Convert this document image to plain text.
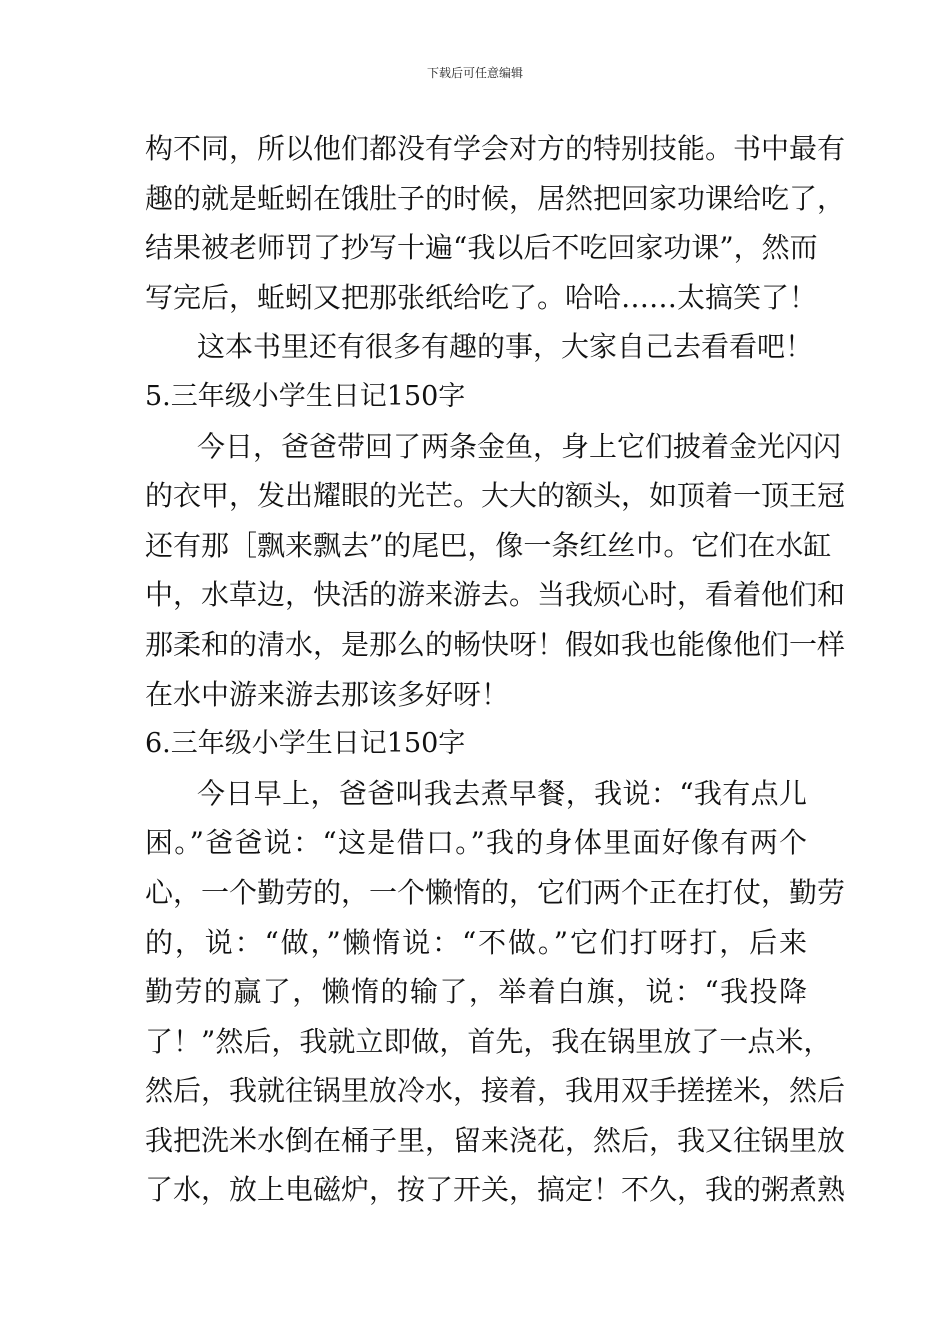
下载后可任意编辑
构不同，所以他们都没有学会对方的特别技能。书中最有
趣的就是蚯蚓在饿肚子的时候，居然把回家功课给吃了，
结果被老师罚了抄写十遍“我以后不吃回家功课”，然而
写完后，蚯蚓又把那张纸给吃了。哈哈……太搞笑了！
这本书里还有很多有趣的事，大家自己去看看吧！
5.三年级小学生日记150字
今日，爸爸带回了两条金鱼，身上它们披着金光闪闪
的衣甲，发出耀眼的光芒。大大的额头，如顶着一顶王冠
还有那［飘来飘去”的尾巴，像一条红丝巾。它们在水缸
中，水草边，快活的游来游去。当我烦心时，看着他们和
那柔和的清水，是那么的畅快呀！假如我也能像他们一样
在水中游来游去那该多好呀！
6.三年级小学生日记150字
今日早上，爸爸叫我去煮早餐，我说：“我有点儿
困。”爸爸说：“这是借口。”我的身体里面好像有两个
心，一个勤劳的，一个懒惰的，它们两个正在打仗，勤劳
的，说：“做，”懒惰说：“不做。”它们打呀打，后来
勤劳的赢了，懒惰的输了，举着白旗，说：“我投降
了！”然后，我就立即做，首先，我在锅里放了一点米，
然后，我就往锅里放冷水，接着，我用双手搓搓米，然后
我把洗米水倒在桶子里，留来浇花，然后，我又往锅里放
了水，放上电磁炉，按了开关，搞定！不久，我的粥煮熟
